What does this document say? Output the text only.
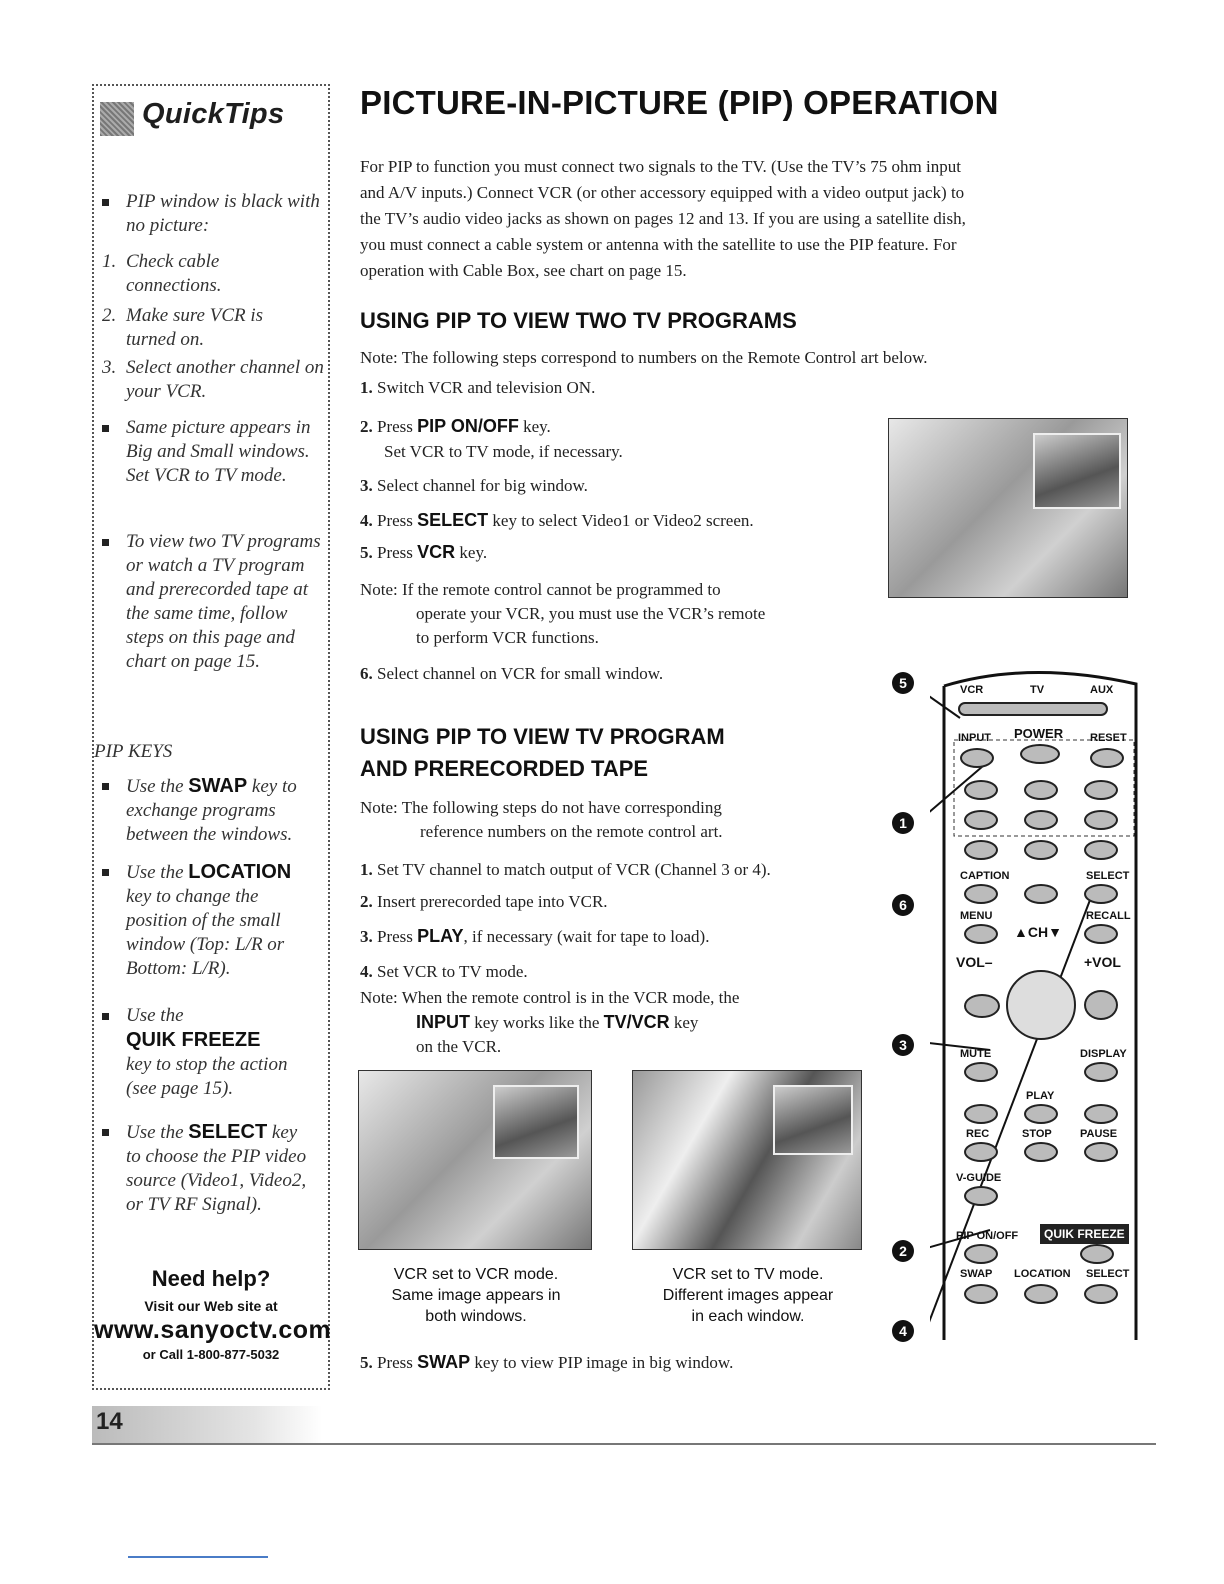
QuickTips
PIP window is black with no picture:
1. Check cable connections.
2. Make sure VCR is turned on.
3. Select another channel on your VCR.
Same picture appears in Big and Small windows. Set VCR to TV mode.
To view two TV programs or watch a TV program and prerecorded tape at the same time, follow steps on this page and chart on page 15.
PIP KEYS
Use the SWAP key to exchange programs between the windows.
Use the LOCATION key to change the position of the small window (Top: L/R or Bottom: L/R).
Use the
QUIK FREEZE
key to stop the action (see page 15).
Use the SELECT key to choose the PIP video source (Video1, Video2, or TV RF Signal).
Need help?
Visit our Web site at
www.sanyoctv.com
or Call 1-800-877-5032
PICTURE-IN-PICTURE (PIP) OPERATION
For PIP to function you must connect two signals to the TV. (Use the TV’s 75 ohm input
and A/V inputs.) Connect VCR (or other accessory equipped with a video output jack) to
the TV’s audio video jacks as shown on pages 12 and 13. If you are using a satellite dish,
you must connect a cable system or antenna with the satellite to use the PIP feature. For
operation with Cable Box, see chart on page 15.
USING PIP TO VIEW TWO TV PROGRAMS
Note: The following steps correspond to numbers on the Remote Control art below.
1. Switch VCR and television ON.
2. Press PIP ON/OFF key.
Set VCR to TV mode, if necessary.
3. Select channel for big window.
4. Press SELECT key to select Video1 or Video2 screen.
5. Press VCR key.
Note: If the remote control cannot be programmed to
operate your VCR, you must use the VCR’s remote
to perform VCR functions.
6. Select channel on VCR for small window.
USING PIP TO VIEW TV PROGRAM
AND PRERECORDED TAPE
Note: The following steps do not have corresponding
reference numbers on the remote control art.
1. Set TV channel to match output of VCR (Channel 3 or 4).
2. Insert prerecorded tape into VCR.
3. Press PLAY, if necessary (wait for tape to load).
4. Set VCR to TV mode.
Note: When the remote control is in the VCR mode, the
INPUT key works like the TV/VCR key
on the VCR.
VCR set to VCR mode.
Same image appears in
both windows.
VCR set to TV mode.
Different images appear
in each window.
5. Press SWAP key to view PIP image in big window.
VCR	TV	AUX
INPUT POWER RESET
CAPTION	SELECT
MENU	RECALL
▲CH▼
VOL–	+VOL
MUTE	DISPLAY
PLAY
REC	STOP	PAUSE
V-GUIDE
PIP ON/OFF	QUIK FREEZE
SWAP LOCATION SELECT
5
1
6
3
2
4
14
